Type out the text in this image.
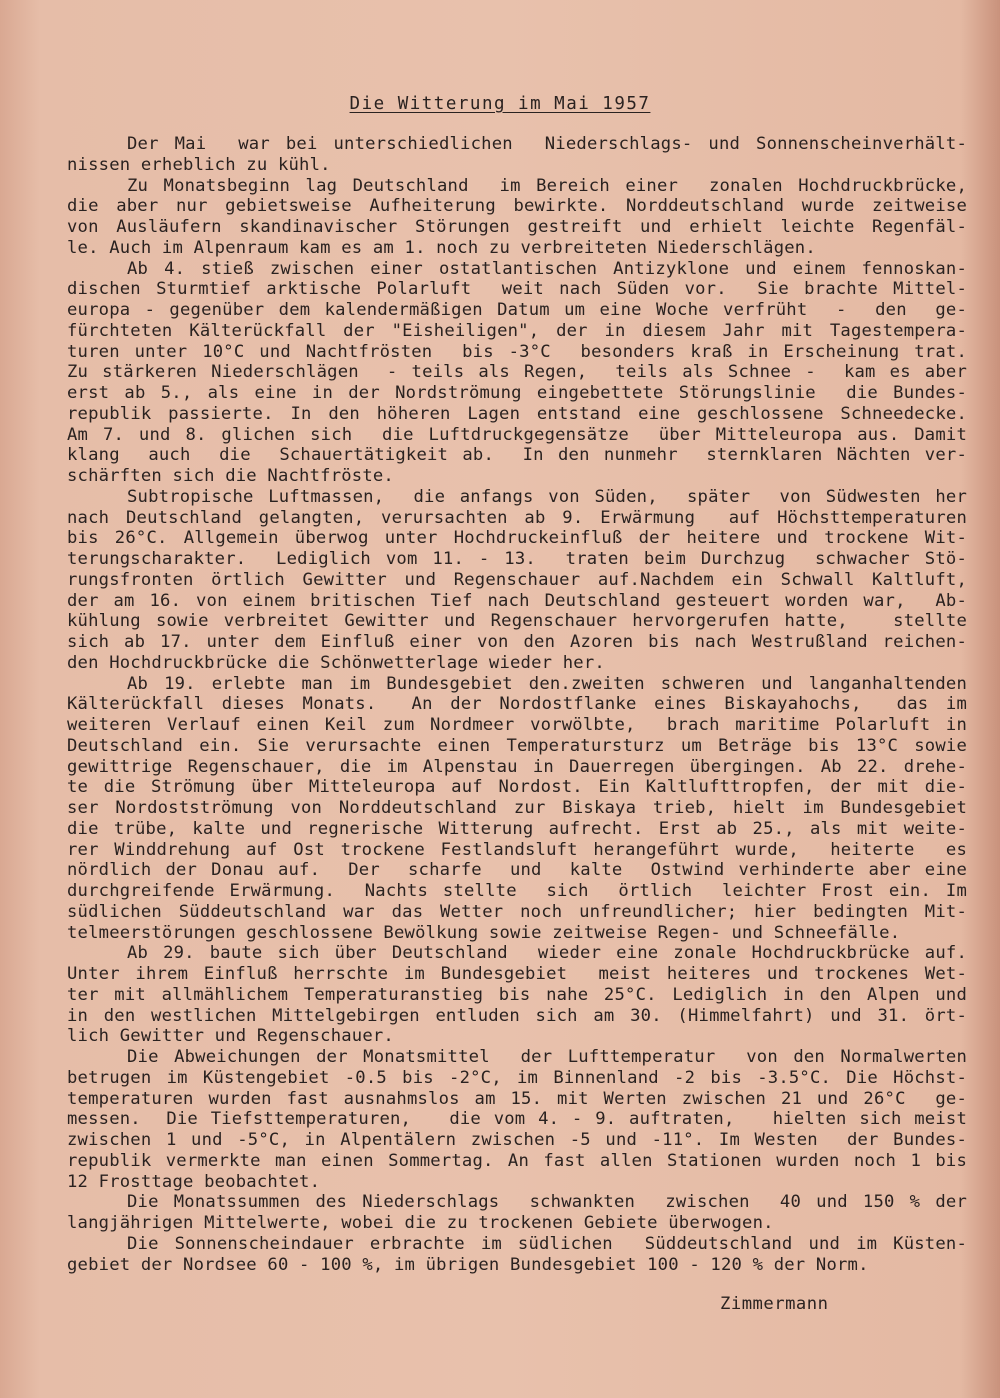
Die Witterung im Mai 1957
Der Mai  war bei unterschiedlichen  Niederschlags- und Sonnenscheinverhält-
nissen erheblich zu kühl.
Zu Monatsbeginn lag Deutschland  im Bereich einer  zonalen Hochdruckbrücke,
die aber nur gebietsweise Aufheiterung bewirkte. Norddeutschland wurde zeitweise
von Ausläufern skandinavischer Störungen gestreift und erhielt leichte Regenfäl-
le. Auch im Alpenraum kam es am 1. noch zu verbreiteten Niederschlägen.
Ab 4. stieß zwischen einer ostatlantischen Antizyklone und einem fennoskan-
dischen Sturmtief arktische Polarluft  weit nach Süden vor.  Sie brachte Mittel-
europa - gegenüber dem kalendermäßigen Datum um eine Woche verfrüht  -  den  ge-
fürchteten Kälterückfall der "Eisheiligen", der in diesem Jahr mit Tagestempera-
turen unter 10°C und Nachtfrösten  bis -3°C  besonders kraß in Erscheinung trat.
Zu stärkeren Niederschlägen  - teils als Regen,  teils als Schnee -  kam es aber
erst ab 5., als eine in der Nordströmung eingebettete Störungslinie  die Bundes-
republik passierte. In den höheren Lagen entstand eine geschlossene Schneedecke.
Am 7. und 8. glichen sich  die Luftdruckgegensätze  über Mitteleuropa aus. Damit
klang  auch  die  Schauertätigkeit ab.  In den nunmehr  sternklaren Nächten ver-
schärften sich die Nachtfröste.
Subtropische Luftmassen,  die anfangs von Süden,  später  von Südwesten her
nach Deutschland gelangten, verursachten ab 9. Erwärmung  auf Höchsttemperaturen
bis 26°C. Allgemein überwog unter Hochdruckeinfluß der heitere und trockene Wit-
terungscharakter.  Lediglich vom 11. - 13.  traten beim Durchzug  schwacher Stö-
rungsfronten örtlich Gewitter und Regenschauer auf.Nachdem ein Schwall Kaltluft,
der am 16. von einem britischen Tief nach Deutschland gesteuert worden war,  Ab-
kühlung sowie verbreitet Gewitter und Regenschauer hervorgerufen hatte,   stellte
sich ab 17. unter dem Einfluß einer von den Azoren bis nach Westrußland reichen-
den Hochdruckbrücke die Schönwetterlage wieder her.
Ab 19. erlebte man im Bundesgebiet den.zweiten schweren und langanhaltenden
Kälterückfall dieses Monats.  An der Nordostflanke eines Biskayahochs,  das im
weiteren Verlauf einen Keil zum Nordmeer vorwölbte,  brach maritime Polarluft in
Deutschland ein. Sie verursachte einen Temperatursturz um Beträge bis 13°C sowie
gewittrige Regenschauer, die im Alpenstau in Dauerregen übergingen. Ab 22. drehe-
te die Strömung über Mitteleuropa auf Nordost. Ein Kaltlufttropfen, der mit die-
ser Nordostströmung von Norddeutschland zur Biskaya trieb, hielt im Bundesgebiet
die trübe, kalte und regnerische Witterung aufrecht. Erst ab 25., als mit weite-
rer Winddrehung auf Ost trockene Festlandsluft herangeführt wurde,  heiterte  es
nördlich der Donau auf.  Der  scharfe  und  kalte  Ostwind verhinderte aber eine
durchgreifende Erwärmung.  Nachts stellte  sich  örtlich  leichter Frost ein. Im
südlichen Süddeutschland war das Wetter noch unfreundlicher; hier bedingten Mit-
telmeerstörungen geschlossene Bewölkung sowie zeitweise Regen- und Schneefälle.
Ab 29. baute sich über Deutschland  wieder eine zonale Hochdruckbrücke auf.
Unter ihrem Einfluß herrschte im Bundesgebiet  meist heiteres und trockenes Wet-
ter mit allmählichem Temperaturanstieg bis nahe 25°C. Lediglich in den Alpen und
in den westlichen Mittelgebirgen entluden sich am 30. (Himmelfahrt) und 31. ört-
lich Gewitter und Regenschauer.
Die Abweichungen der Monatsmittel  der Lufttemperatur  von den Normalwerten
betrugen im Küstengebiet -0.5 bis -2°C, im Binnenland -2 bis -3.5°C. Die Höchst-
temperaturen wurden fast ausnahmslos am 15. mit Werten zwischen 21 und 26°C  ge-
messen.  Die Tiefsttemperaturen,   die vom 4. - 9. auftraten,   hielten sich meist
zwischen 1 und -5°C, in Alpentälern zwischen -5 und -11°. Im Westen  der Bundes-
republik vermerkte man einen Sommertag. An fast allen Stationen wurden noch 1 bis
12 Frosttage beobachtet.
Die Monatssummen des Niederschlags  schwankten  zwischen  40 und 150 % der
langjährigen Mittelwerte, wobei die zu trockenen Gebiete überwogen.
Die Sonnenscheindauer erbrachte im südlichen  Süddeutschland und im Küsten-
gebiet der Nordsee 60 - 100 %, im übrigen Bundesgebiet 100 - 120 % der Norm.
Zimmermann
